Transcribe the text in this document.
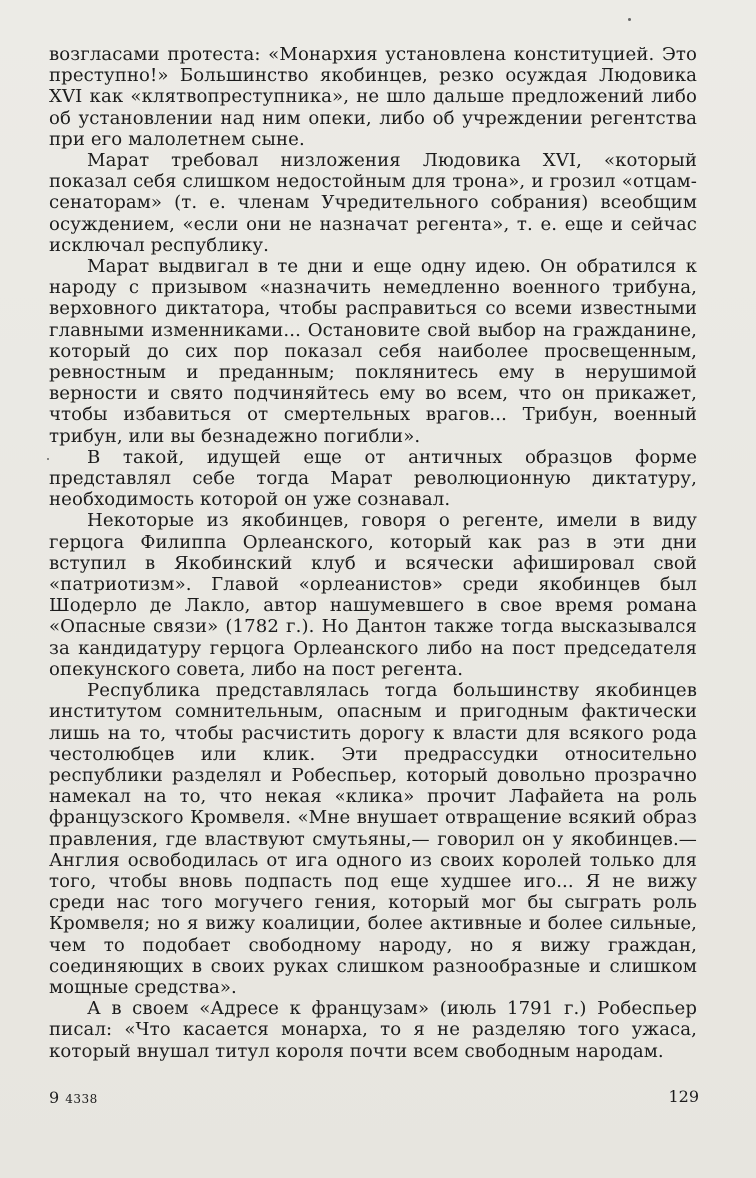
возгласами протеста: «Монархия установлена конституцией. Это преступно!» Большинство якобинцев, резко осуждая Людовика XVI как «клятвопреступника», не шло дальше предложений либо об установлении над ним опеки, либо об учреждении регентства при его малолетнем сыне.

Марат требовал низложения Людовика XVI, «который показал себя слишком недостойным для трона», и грозил «отцам-сенаторам» (т. е. членам Учредительного собрания) всеобщим осуждением, «если они не назначат регента», т. е. еще и сейчас исключал республику.

Марат выдвигал в те дни и еще одну идею. Он обратился к народу с призывом «назначить немедленно военного трибуна, верховного диктатора, чтобы расправиться со всеми известными главными изменниками... Остановите свой выбор на гражданине, который до сих пор показал себя наиболее просвещенным, ревностным и преданным; поклянитесь ему в нерушимой верности и свято подчиняйтесь ему во всем, что он прикажет, чтобы избавиться от смертельных врагов... Трибун, военный трибун, или вы безнадежно погибли».

В такой, идущей еще от античных образцов форме представлял себе тогда Марат революционную диктатуру, необходимость которой он уже сознавал.

Некоторые из якобинцев, говоря о регенте, имели в виду герцога Филиппа Орлеанского, который как раз в эти дни вступил в Якобинский клуб и всячески афишировал свой «патриотизм». Главой «орлеанистов» среди якобинцев был Шодерло де Лакло, автор нашумевшего в свое время романа «Опасные связи» (1782 г.). Но Дантон также тогда высказывался за кандидатуру герцога Орлеанского либо на пост председателя опекунского совета, либо на пост регента.

Республика представлялась тогда большинству якобинцев институтом сомнительным, опасным и пригодным фактически лишь на то, чтобы расчистить дорогу к власти для всякого рода честолюбцев или клик. Эти предрассудки относительно республики разделял и Робеспьер, который довольно прозрачно намекал на то, что некая «клика» прочит Лафайета на роль французского Кромвеля. «Мне внушает отвращение всякий образ правления, где властвуют смутьяны,— говорил он у якобинцев.— Англия освободилась от ига одного из своих королей только для того, чтобы вновь подпасть под еще худшее иго... Я не вижу среди нас того могучего гения, который мог бы сыграть роль Кромвеля; но я вижу коалиции, более активные и более сильные, чем то подобает свободному народу, но я вижу граждан, соединяющих в своих руках слишком разнообразные и слишком мощные средства».

А в своем «Адресе к французам» (июль 1791 г.) Робеспьер писал: «Что касается монарха, то я не разделяю того ужаса, который внушал титул короля почти всем свободным народам.

9 4338	129
